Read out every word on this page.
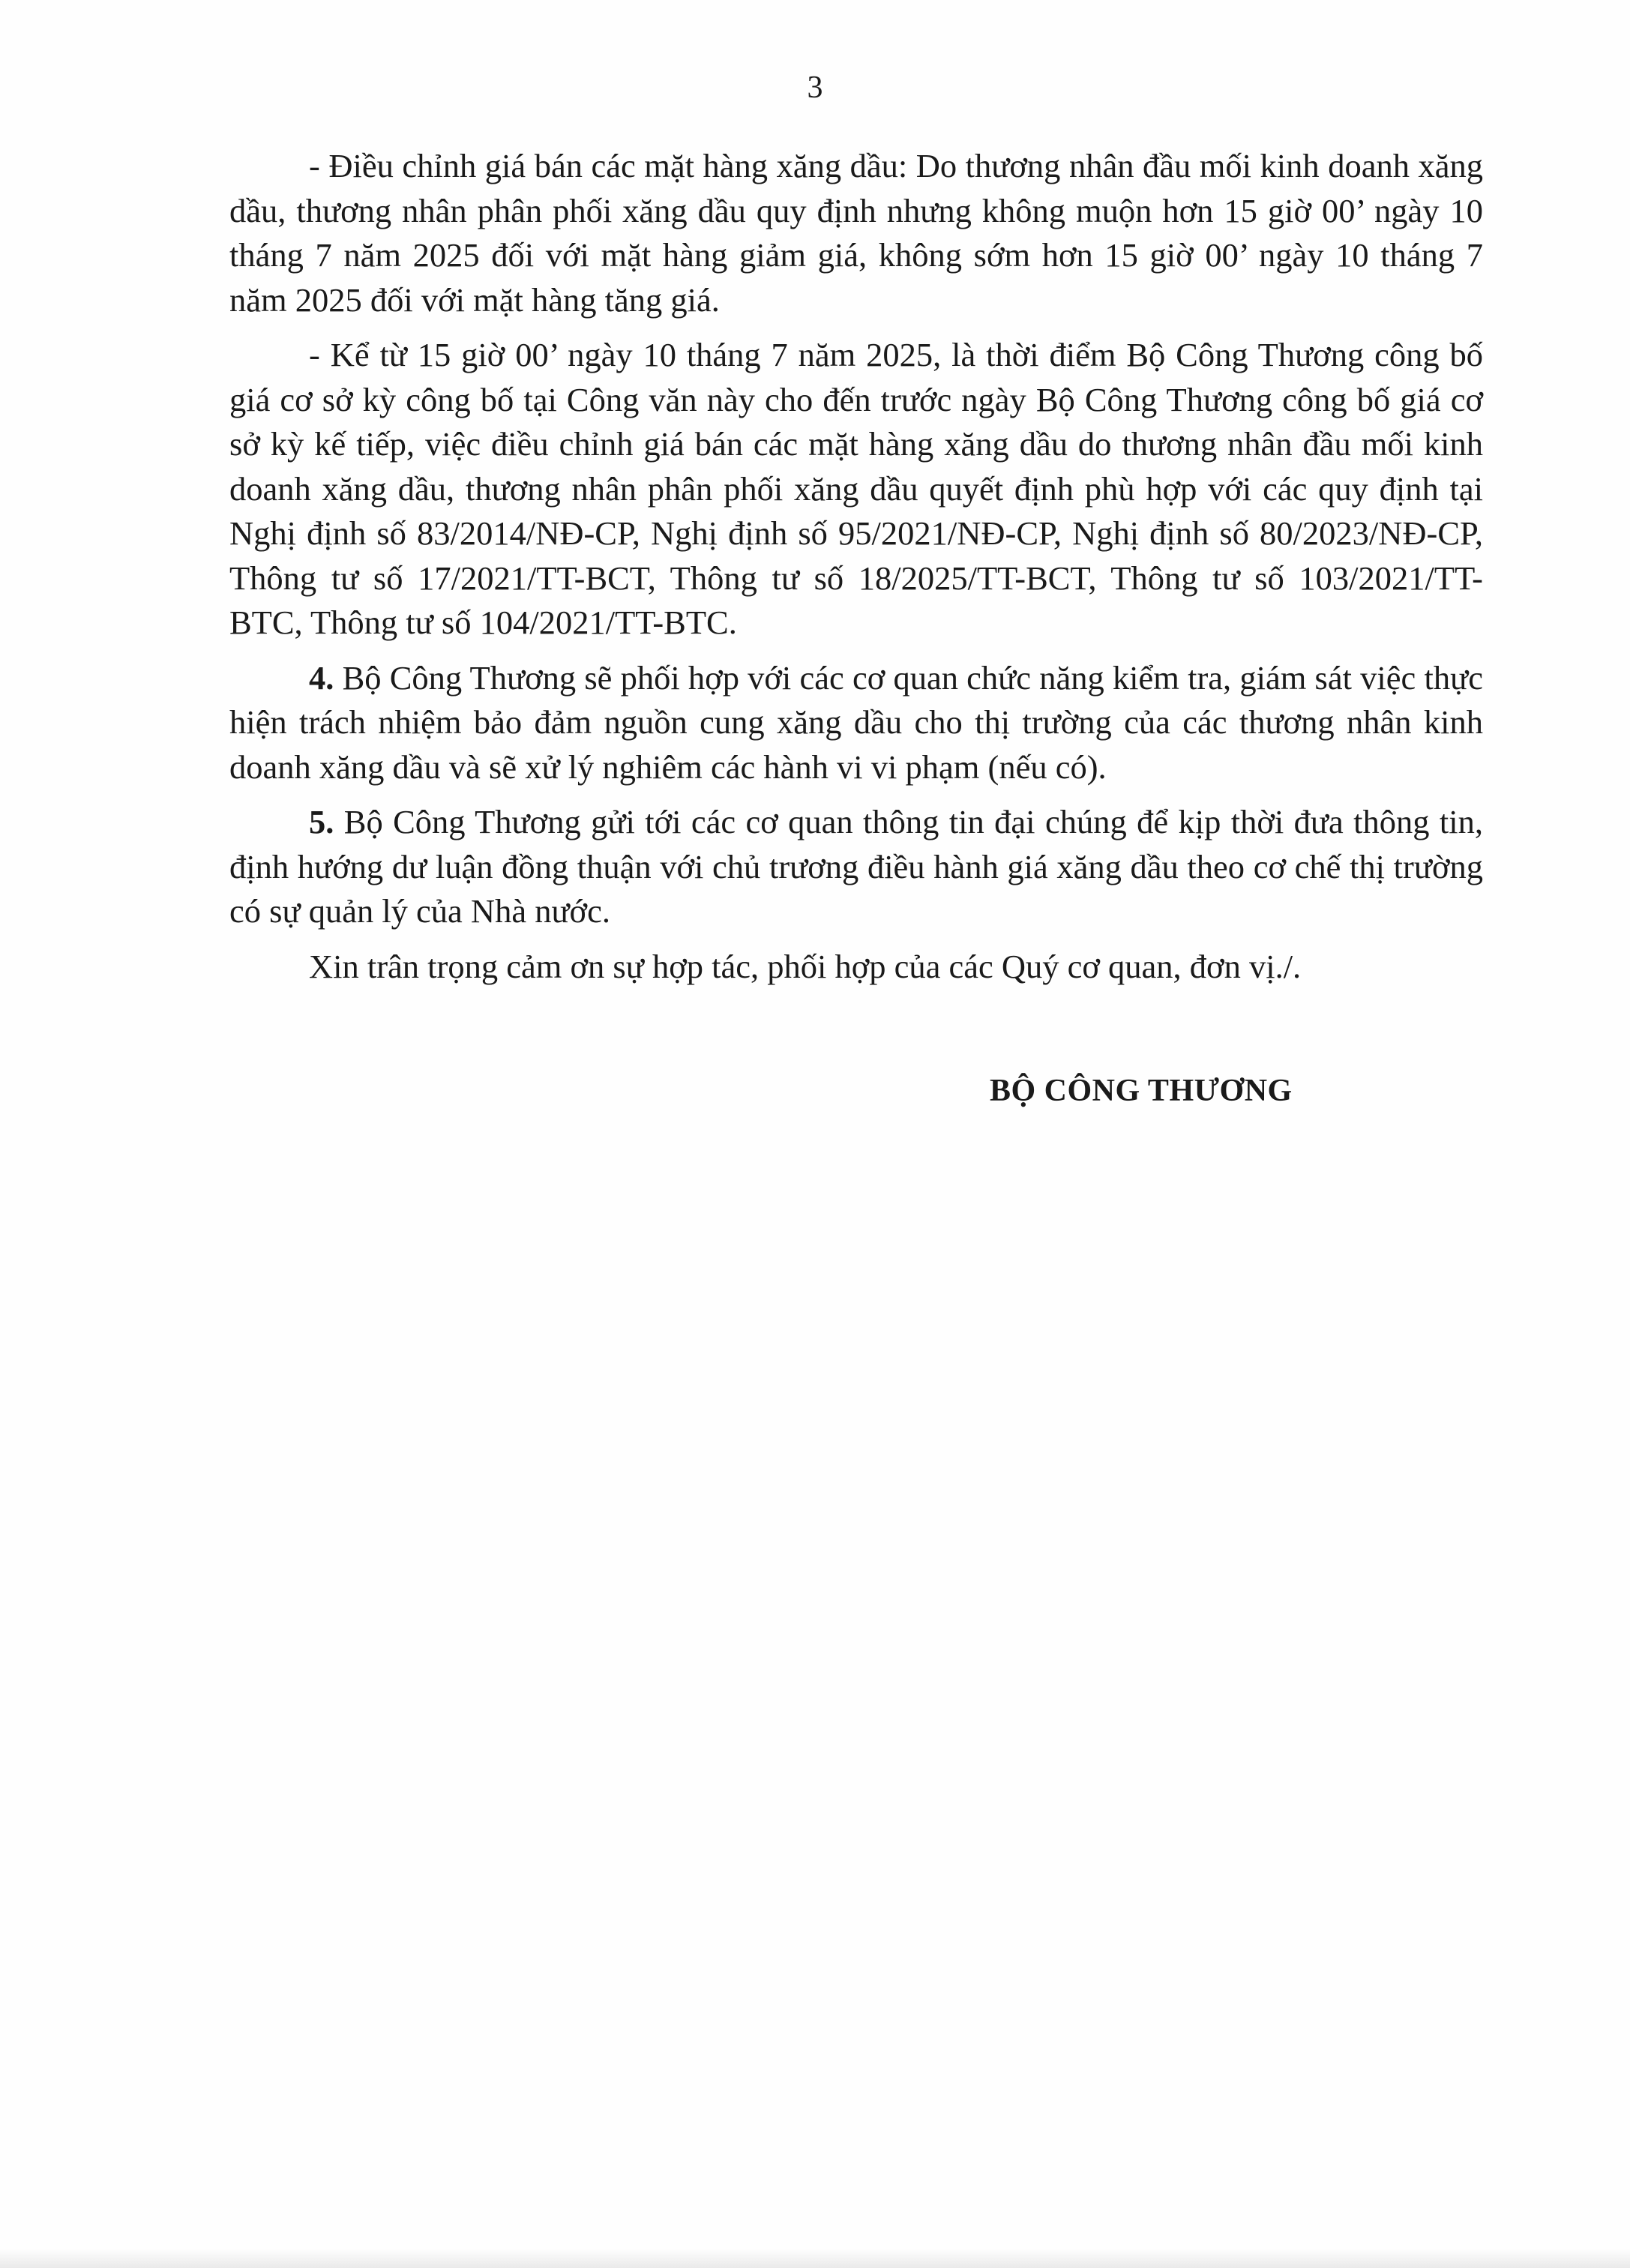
3

- Điều chỉnh giá bán các mặt hàng xăng dầu: Do thương nhân đầu mối kinh doanh xăng dầu, thương nhân phân phối xăng dầu quy định nhưng không muộn hơn 15 giờ 00’ ngày 10 tháng 7 năm 2025 đối với mặt hàng giảm giá, không sớm hơn 15 giờ 00’ ngày 10 tháng 7 năm 2025 đối với mặt hàng tăng giá.

- Kể từ 15 giờ 00’ ngày 10 tháng 7 năm 2025, là thời điểm Bộ Công Thương công bố giá cơ sở kỳ công bố tại Công văn này cho đến trước ngày Bộ Công Thương công bố giá cơ sở kỳ kế tiếp, việc điều chỉnh giá bán các mặt hàng xăng dầu do thương nhân đầu mối kinh doanh xăng dầu, thương nhân phân phối xăng dầu quyết định phù hợp với các quy định tại Nghị định số 83/2014/NĐ-CP, Nghị định số 95/2021/NĐ-CP, Nghị định số 80/2023/NĐ-CP, Thông tư số 17/2021/TT-BCT, Thông tư số 18/2025/TT-BCT, Thông tư số 103/2021/TT-BTC, Thông tư số 104/2021/TT-BTC.

4. Bộ Công Thương sẽ phối hợp với các cơ quan chức năng kiểm tra, giám sát việc thực hiện trách nhiệm bảo đảm nguồn cung xăng dầu cho thị trường của các thương nhân kinh doanh xăng dầu và sẽ xử lý nghiêm các hành vi vi phạm (nếu có).

5. Bộ Công Thương gửi tới các cơ quan thông tin đại chúng để kịp thời đưa thông tin, định hướng dư luận đồng thuận với chủ trương điều hành giá xăng dầu theo cơ chế thị trường có sự quản lý của Nhà nước.

Xin trân trọng cảm ơn sự hợp tác, phối hợp của các Quý cơ quan, đơn vị./.

BỘ CÔNG THƯƠNG
